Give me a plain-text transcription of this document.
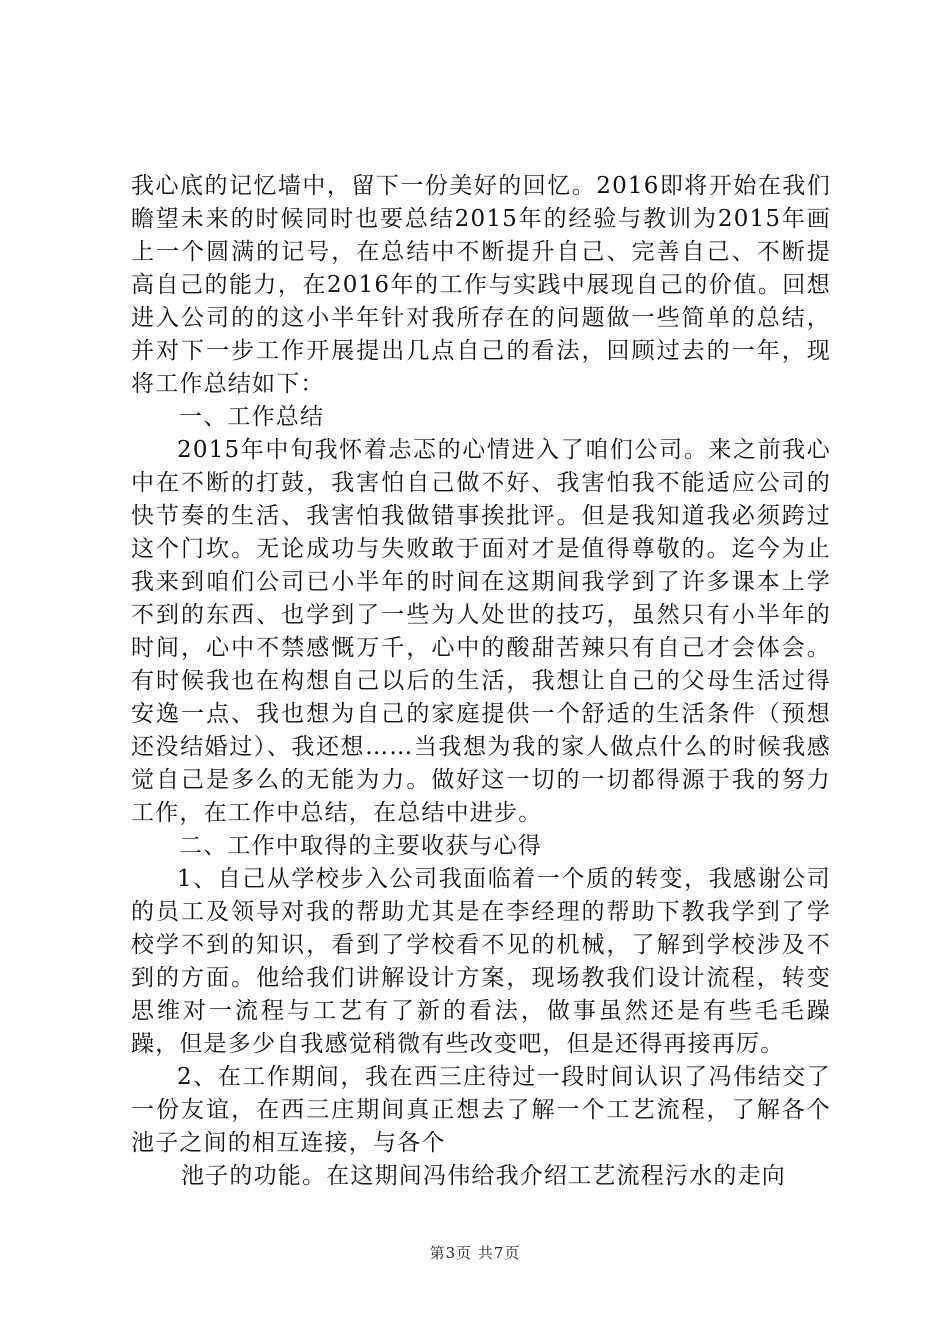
我心底的记忆墙中，留下一份美好的回忆。2016即将开始在我们瞻望未来的时候同时也要总结2015年的经验与教训为2015年画上一个圆满的记号，在总结中不断提升自己、完善自己、不断提高自己的能力，在2016年的工作与实践中展现自己的价值。回想进入公司的的这小半年针对我所存在的问题做一些简单的总结，并对下一步工作开展提出几点自己的看法，回顾过去的一年，现将工作总结如下：

一、工作总结

2015年中旬我怀着忐忑的心情进入了咱们公司。来之前我心中在不断的打鼓，我害怕自己做不好、我害怕我不能适应公司的快节奏的生活、我害怕我做错事挨批评。但是我知道我必须跨过这个门坎。无论成功与失败敢于面对才是值得尊敬的。迄今为止我来到咱们公司已小半年的时间在这期间我学到了许多课本上学不到的东西、也学到了一些为人处世的技巧，虽然只有小半年的时间，心中不禁感慨万千，心中的酸甜苦辣只有自己才会体会。有时候我也在构想自己以后的生活，我想让自己的父母生活过得安逸一点、我也想为自己的家庭提供一个舒适的生活条件（预想还没结婚过）、我还想……当我想为我的家人做点什么的时候我感觉自己是多么的无能为力。做好这一切的一切都得源于我的努力工作，在工作中总结，在总结中进步。

二、工作中取得的主要收获与心得

1、自己从学校步入公司我面临着一个质的转变，我感谢公司的员工及领导对我的帮助尤其是在李经理的帮助下教我学到了学校学不到的知识，看到了学校看不见的机械，了解到学校涉及不到的方面。他给我们讲解设计方案，现场教我们设计流程，转变思维对一流程与工艺有了新的看法，做事虽然还是有些毛毛躁躁，但是多少自我感觉稍微有些改变吧，但是还得再接再厉。

2、在工作期间，我在西三庄待过一段时间认识了冯伟结交了一份友谊，在西三庄期间真正想去了解一个工艺流程，了解各个池子之间的相互连接，与各个

池子的功能。在这期间冯伟给我介绍工艺流程污水的走向

第3页 共7页
